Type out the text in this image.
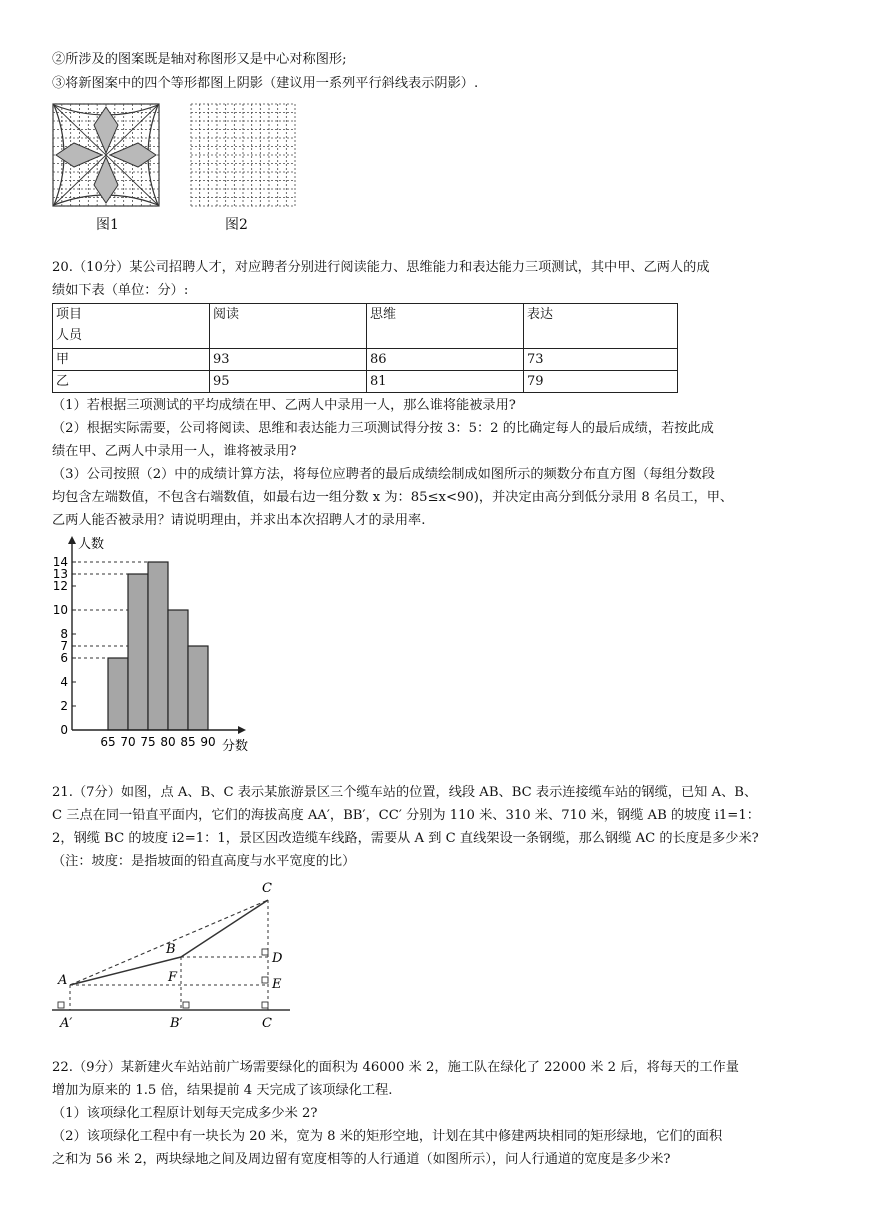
②所涉及的图案既是轴对称图形又是中心对称图形;
③将新图案中的四个等形都图上阴影（建议用一系列平行斜线表示阴影）.
图1	图2
20.（10分）某公司招聘人才，对应聘者分别进行阅读能力、思维能力和表达能力三项测试，其中甲、乙两人的成
绩如下表（单位：分）:
项目
人员	阅读	思维	表达
甲	93	86	73
乙	95	81	79
（1）若根据三项测试的平均成绩在甲、乙两人中录用一人，那么谁将能被录用?
（2）根据实际需要，公司将阅读、思维和表达能力三项测试得分按 3：5：2 的比确定每人的最后成绩，若按此成
绩在甲、乙两人中录用一人，谁将被录用?
（3）公司按照（2）中的成绩计算方法，将每位应聘者的最后成绩绘制成如图所示的频数分布直方图（每组分数段
均包含左端数值，不包含右端数值，如最右边一组分数 x 为：85≤x<90)，并决定由高分到低分录用 8 名员工，甲、
乙两人能否被录用？请说明理由，并求出本次招聘人才的录用率.
0
2
4
6
7
8
10
12
13
14
65 70 75 80 85 90
人数
分数
21.（7分）如图，点 A、B、C 表示某旅游景区三个缆车站的位置，线段 AB、BC 表示连接缆车站的钢缆，已知 A、B、
C 三点在同一铅直平面内，它们的海拔高度 AA′，BB′，CC′ 分别为 110 米、310 米、710 米，钢缆 AB 的坡度 i1=1：
2，钢缆 BC 的坡度 i2=1：1，景区因改造缆车线路，需要从 A 到 C 直线架设一条钢缆，那么钢缆 AC 的长度是多少米?
（注：坡度：是指坡面的铅直高度与水平宽度的比）
A
B
C
D
E
F
A′	B′	C
22.（9分）某新建火车站站前广场需要绿化的面积为 46000 米 2，施工队在绿化了 22000 米 2 后，将每天的工作量
增加为原来的 1.5 倍，结果提前 4 天完成了该项绿化工程.
（1）该项绿化工程原计划每天完成多少米 2?
（2）该项绿化工程中有一块长为 20 米，宽为 8 米的矩形空地，计划在其中修建两块相同的矩形绿地，它们的面积
之和为 56 米 2，两块绿地之间及周边留有宽度相等的人行通道（如图所示），问人行通道的宽度是多少米?
